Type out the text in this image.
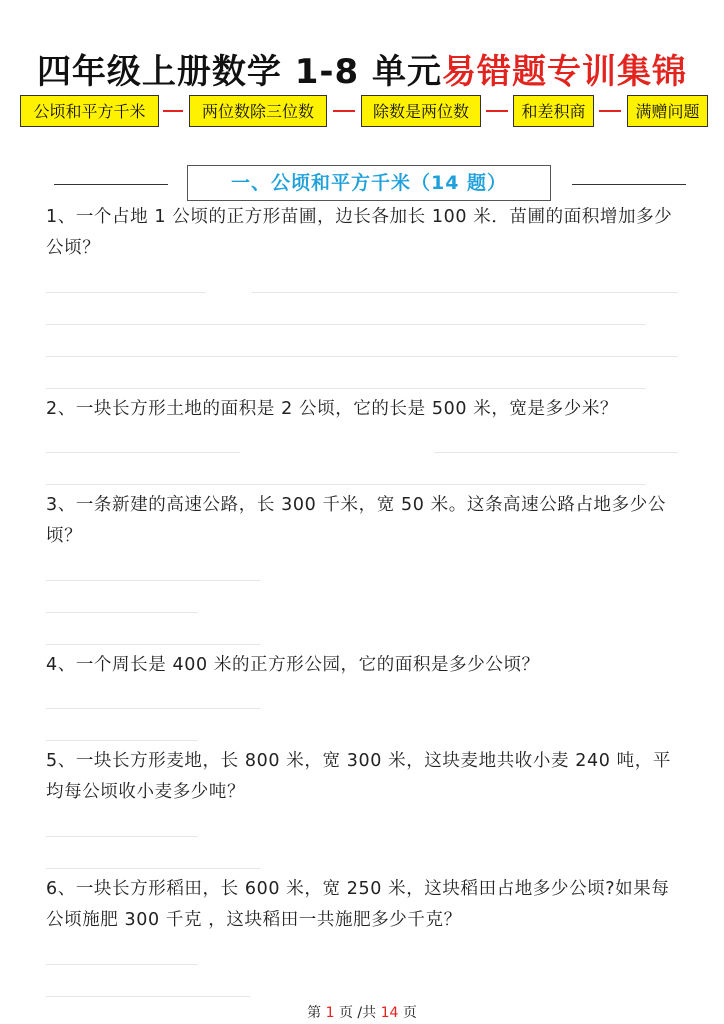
四年级上册数学 1-8 单元易错题专训集锦
公顷和平方千米	两位数除三位数	除数是两位数	和差积商	满赠问题
一、公顷和平方千米（14 题）
1、一个占地 1 公顷的正方形苗圃，边长各加长 100 米．苗圃的面积增加多少公顷？
2、一块长方形土地的面积是 2 公顷，它的长是 500 米，宽是多少米？
3、一条新建的高速公路，长 300 千米，宽 50 米。这条高速公路占地多少公顷？
4、一个周长是 400 米的正方形公园，它的面积是多少公顷？
5、一块长方形麦地，长 800 米，宽 300 米，这块麦地共收小麦 240 吨，平均每公顷收小麦多少吨？
6、一块长方形稻田，长 600 米，宽 250 米，这块稻田占地多少公顷?如果每公顷施肥 300 千克 ，这块稻田一共施肥多少千克？
第 1 页 /共 14 页
